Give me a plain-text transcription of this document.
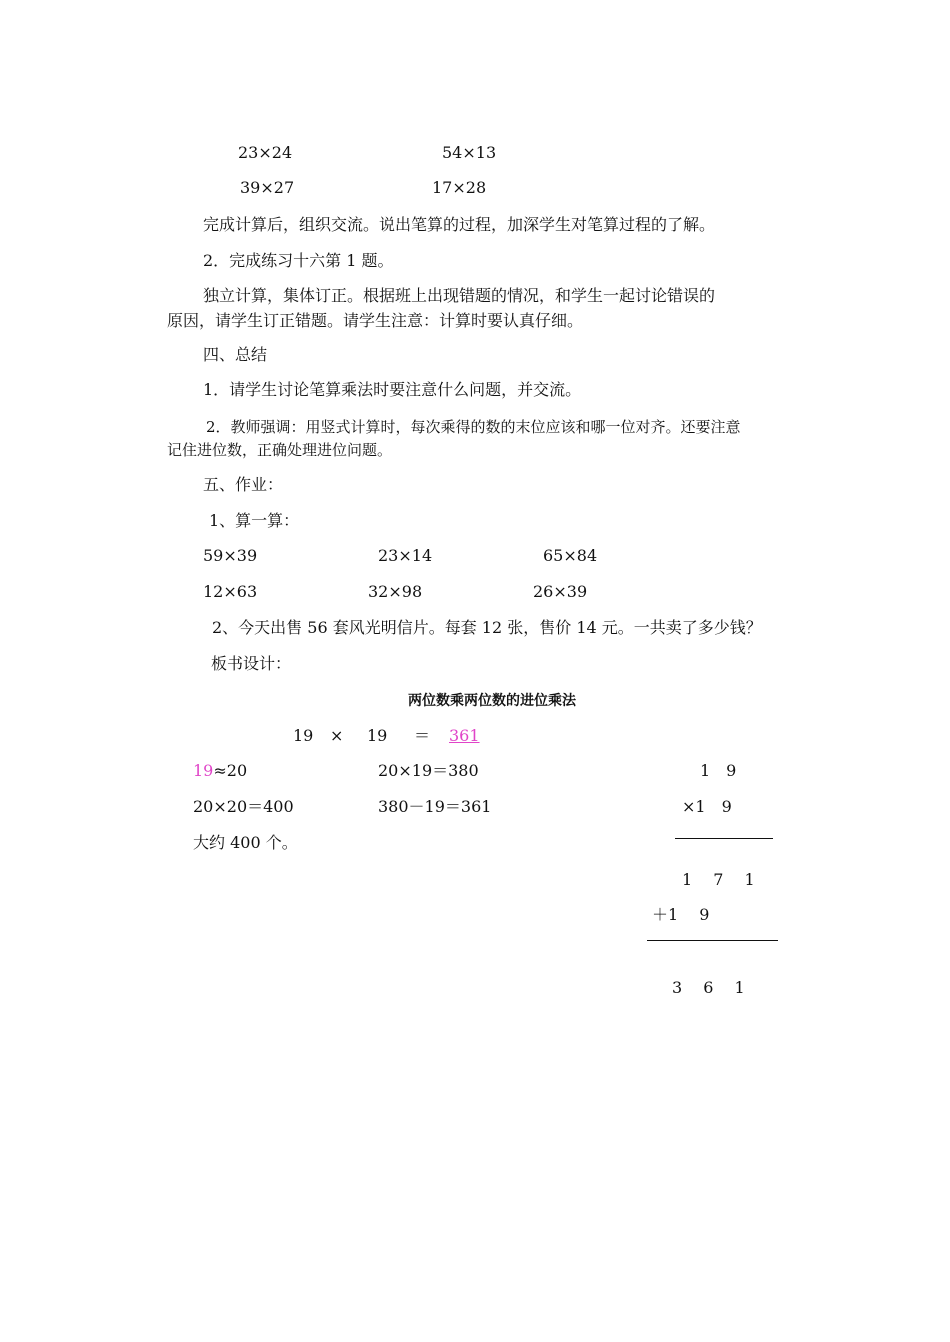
23×24	54×13
39×27	17×28
完成计算后，组织交流。说出笔算的过程，加深学生对笔算过程的了解。
2．完成练习十六第 1 题。
独立计算，集体订正。根据班上出现错题的情况，和学生一起讨论错误的
原因，请学生订正错题。请学生注意：计算时要认真仔细。
四、总结
1．请学生讨论笔算乘法时要注意什么问题，并交流。
2．教师强调：用竖式计算时，每次乘得的数的末位应该和哪一位对齐。还要注意
记住进位数，正确处理进位问题。
五、作业：
1、算一算：
59×39	23×14	65×84
12×63	32×98	26×39
2、今天出售 56 套风光明信片。每套 12 张，售价 14 元。一共卖了多少钱？
板书设计：
两位数乘两位数的进位乘法
19 × 19 ＝ 361
19≈20	20×19＝380
20×20＝400	380－19＝361
大约 400 个。
1　9
×1　9
1　 7　 1
＋1　 9
3　 6　 1
